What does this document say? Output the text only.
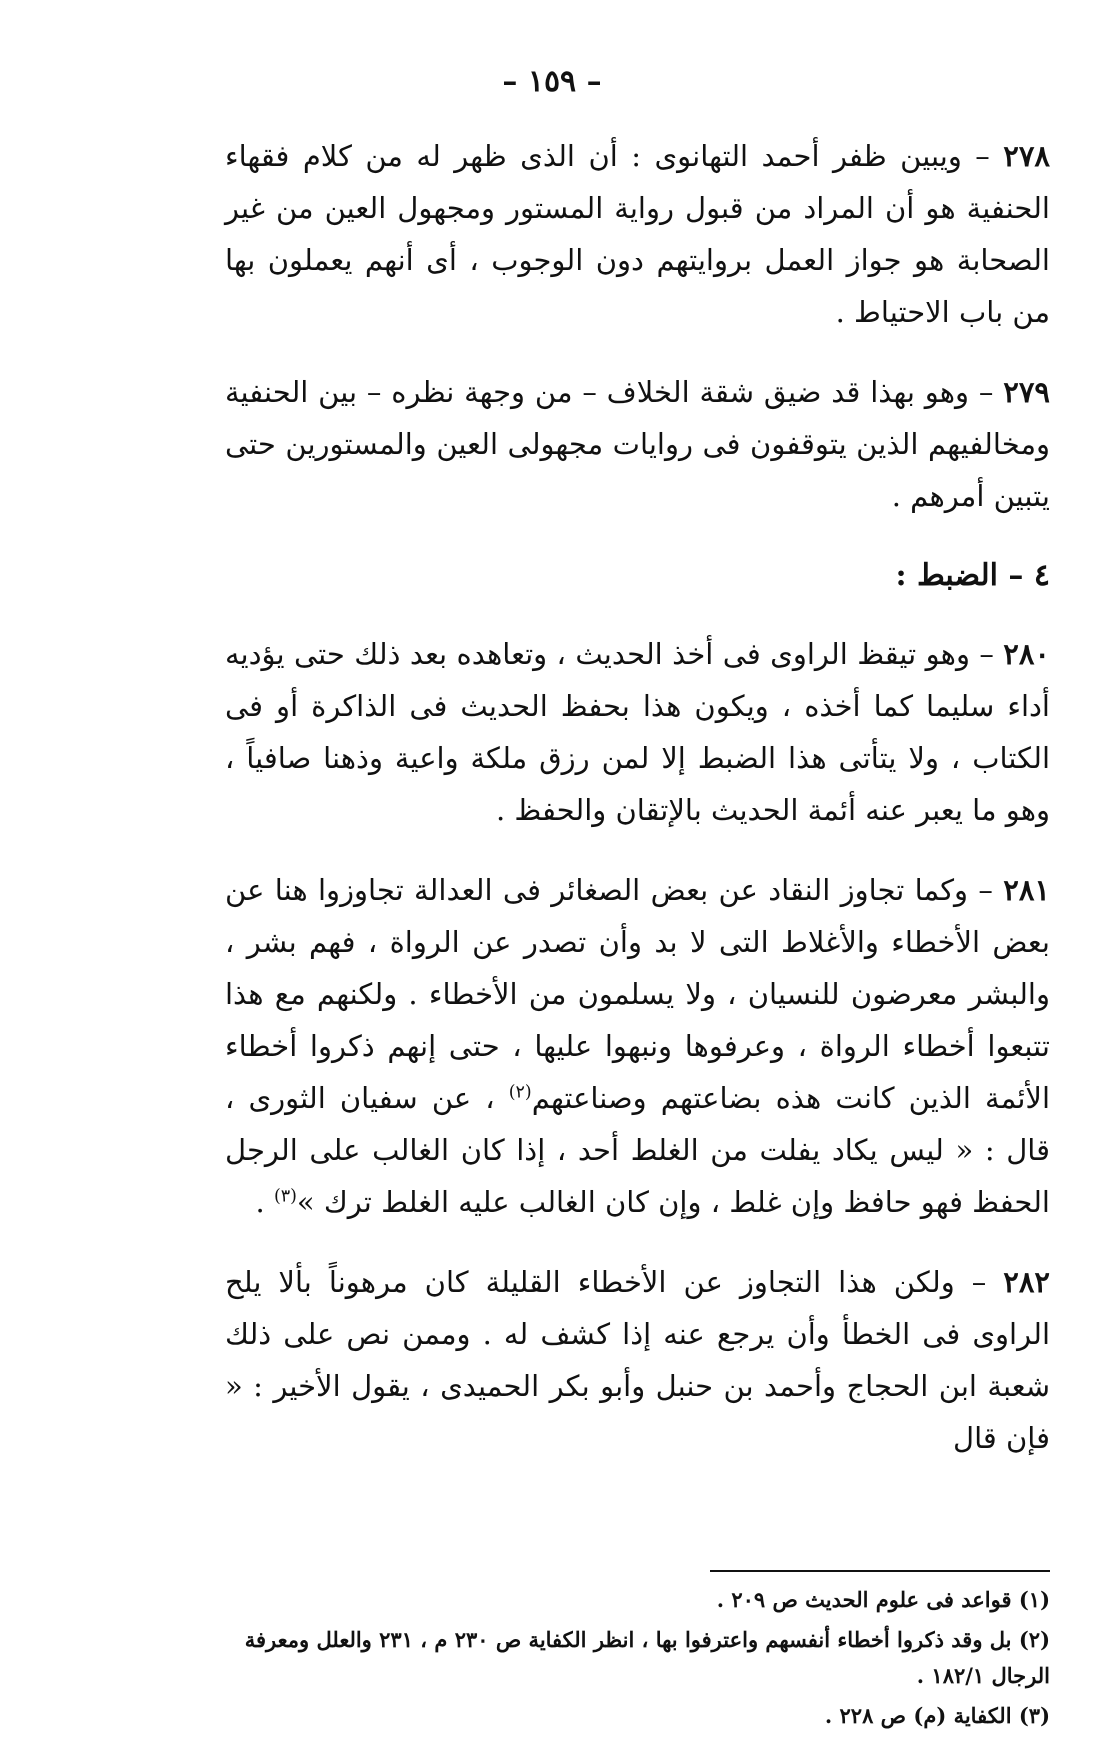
– ١٥٩ –

٢٧٨ – ويبين ظفر أحمد التهانوى : أن الذى ظهر له من كلام فقهاء الحنفية هو أن المراد من قبول رواية المستور ومجهول العين من غير الصحابة هو جواز العمل بروايتهم دون الوجوب ، أى أنهم يعملون بها من باب الاحتياط .

٢٧٩ – وهو بهذا قد ضيق شقة الخلاف – من وجهة نظره – بين الحنفية ومخالفيهم الذين يتوقفون فى روايات مجهولى العين والمستورين حتى يتبين أمرهم .

٤ – الضبط :

٢٨٠ – وهو تيقظ الراوى فى أخذ الحديث ، وتعاهده بعد ذلك حتى يؤديه أداء سليما كما أخذه ، ويكون هذا بحفظ الحديث فى الذاكرة أو فى الكتاب ، ولا يتأتى هذا الضبط إلا لمن رزق ملكة واعية وذهنا صافياً ، وهو ما يعبر عنه أئمة الحديث بالإتقان والحفظ .

٢٨١ – وكما تجاوز النقاد عن بعض الصغائر فى العدالة تجاوزوا هنا عن بعض الأخطاء والأغلاط التى لا بد وأن تصدر عن الرواة ، فهم بشر ، والبشر معرضون للنسيان ، ولا يسلمون من الأخطاء . ولكنهم مع هذا تتبعوا أخطاء الرواة ، وعرفوها ونبهوا عليها ، حتى إنهم ذكروا أخطاء الأئمة الذين كانت هذه بضاعتهم وصناعتهم$^{(٢)}$ ، عن سفيان الثورى ، قال : « ليس يكاد يفلت من الغلط أحد ، إذا كان الغالب على الرجل الحفظ فهو حافظ وإن غلط ، وإن كان الغالب عليه الغلط ترك »$^{(٣)}$ .

٢٨٢ – ولكن هذا التجاوز عن الأخطاء القليلة كان مرهوناً بألا يلح الراوى فى الخطأ وأن يرجع عنه إذا كشف له . وممن نص على ذلك شعبة ابن الحجاج وأحمد بن حنبل وأبو بكر الحميدى ، يقول الأخير : « فإن قال

(١) قواعد فى علوم الحديث ص ٢٠٩ .

(٢) بل وقد ذكروا أخطاء أنفسهم واعترفوا بها ، انظر الكفاية ص ٢٣٠ م ، ٢٣١ والعلل ومعرفة الرجال ١٨٢/١ .

(٣) الكفاية (م) ص ٢٢٨ .
